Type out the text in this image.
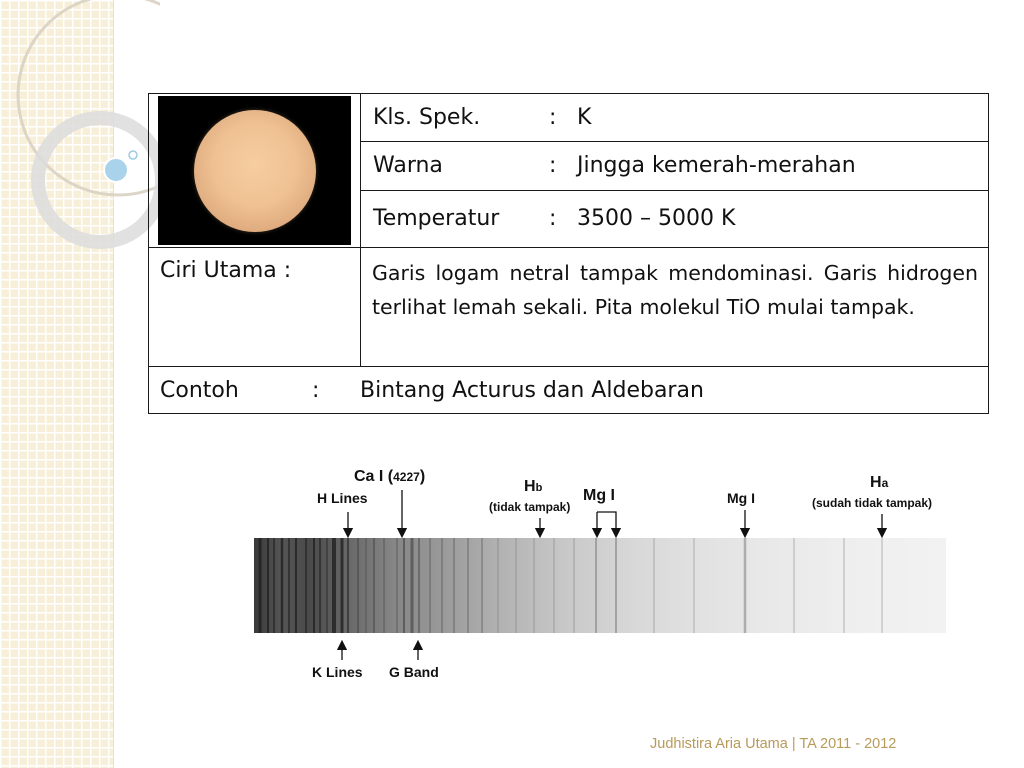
	Kls. Spek. : K
	Warna : Jingga kemerah-merahan
	Temperatur : 3500 – 5000 K
Ciri Utama :	Garis logam netral tampak mendominasi. Garis hidrogen terlihat lemah sekali. Pita molekul TiO mulai tampak.
Contoh : Bintang Acturus dan Aldebaran	
Ca I (4227)
H Lines
Hb
(tidak tampak)
Mg I	Mg I
Ha
(sudah tidak tampak)
K Lines G Band
Judhistira Aria Utama | TA 2011 - 2012
